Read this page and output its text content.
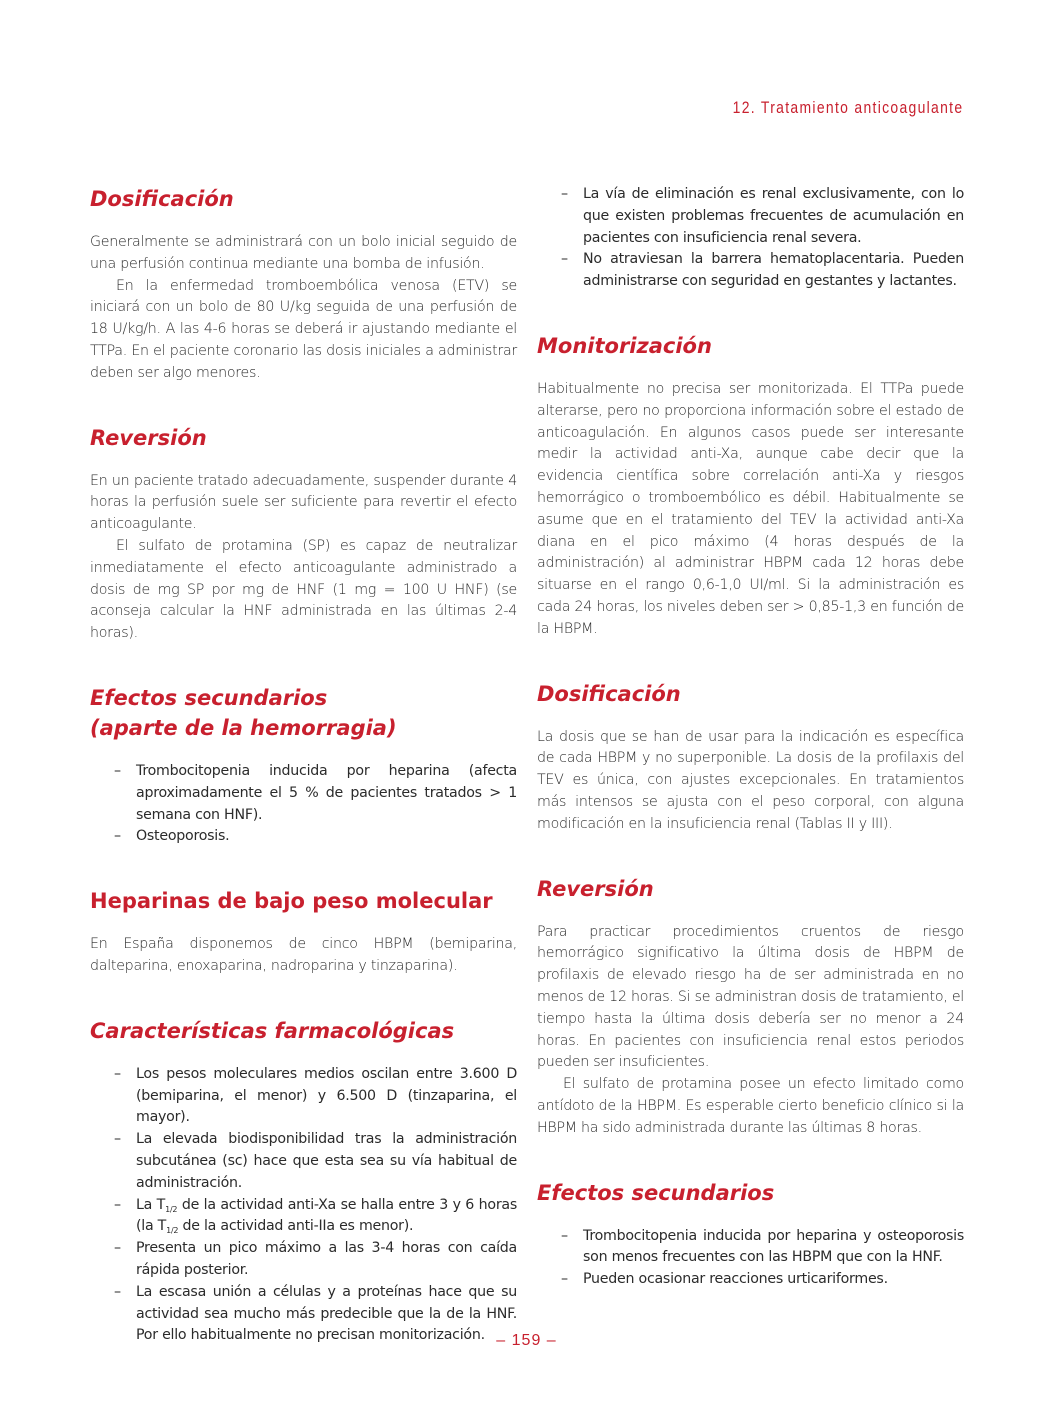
12. Tratamiento anticoagulante
Dosificación

Generalmente se administrará con un bolo inicial seguido de una perfusión continua mediante una bomba de infusión.

En la enfermedad tromboembólica venosa (ETV) se iniciará con un bolo de 80 U/kg seguida de una perfusión de 18 U/kg/h. A las 4-6 horas se deberá ir ajustando mediante el TTPa. En el paciente coronario las dosis iniciales a administrar deben ser algo menores.

Reversión

En un paciente tratado adecuadamente, suspender durante 4 horas la perfusión suele ser suficiente para revertir el efecto anticoagulante.

El sulfato de protamina (SP) es capaz de neutralizar inmediatamente el efecto anticoagulante administrado a dosis de mg SP por mg de HNF (1 mg = 100 U HNF) (se aconseja calcular la HNF administrada en las últimas 2-4 horas).

Efectos secundarios
(aparte de la hemorragia)
– Trombocitopenia inducida por heparina (afecta aproximadamente el 5 % de pacientes tratados > 1 semana con HNF).
– Osteoporosis.
Heparinas de bajo peso molecular

En España disponemos de cinco HBPM (bemiparina, dalteparina, enoxaparina, nadroparina y tinzaparina).

Características farmacológicas
– Los pesos moleculares medios oscilan entre 3.600 D (bemiparina, el menor) y 6.500 D (tinzaparina, el mayor).
– La elevada biodisponibilidad tras la administración subcutánea (sc) hace que esta sea su vía habitual de administración.
– La $T_{1/2}$ de la actividad anti-Xa se halla entre 3 y 6 horas (la $T_{1/2}$ de la actividad anti-IIa es menor).
– Presenta un pico máximo a las 3-4 horas con caída rápida posterior.
– La escasa unión a células y a proteínas hace que su actividad sea mucho más predecible que la de la HNF. Por ello habitualmente no precisan monitorización.
– La vía de eliminación es renal exclusivamente, con lo que existen problemas frecuentes de acumulación en pacientes con insuficiencia renal severa.
– No atraviesan la barrera hematoplacentaria. Pueden administrarse con seguridad en gestantes y lactantes.
Monitorización

Habitualmente no precisa ser monitorizada. El TTPa puede alterarse, pero no proporciona información sobre el estado de anticoagulación. En algunos casos puede ser interesante medir la actividad anti-Xa, aunque cabe decir que la evidencia científica sobre correlación anti-Xa y riesgos hemorrágico o tromboembólico es débil. Habitualmente se asume que en el tratamiento del TEV la actividad anti-Xa diana en el pico máximo (4 horas después de la administración) al administrar HBPM cada 12 horas debe situarse en el rango 0,6-1,0 UI/ml. Si la administración es cada 24 horas, los niveles deben ser > 0,85-1,3 en función de la HBPM.

Dosificación

La dosis que se han de usar para la indicación es específica de cada HBPM y no superponible. La dosis de la profilaxis del TEV es única, con ajustes excepcionales. En tratamientos más intensos se ajusta con el peso corporal, con alguna modificación en la insuficiencia renal (Tablas II y III).

Reversión

Para practicar procedimientos cruentos de riesgo hemorrágico significativo la última dosis de HBPM de profilaxis de elevado riesgo ha de ser administrada en no menos de 12 horas. Si se administran dosis de tratamiento, el tiempo hasta la última dosis debería ser no menor a 24 horas. En pacientes con insuficiencia renal estos periodos pueden ser insuficientes.

El sulfato de protamina posee un efecto limitado como antídoto de la HBPM. Es esperable cierto beneficio clínico si la HBPM ha sido administrada durante las últimas 8 horas.

Efectos secundarios
– Trombocitopenia inducida por heparina y osteoporosis son menos frecuentes con las HBPM que con la HNF.
– Pueden ocasionar reacciones urticariformes.
– 159 –
